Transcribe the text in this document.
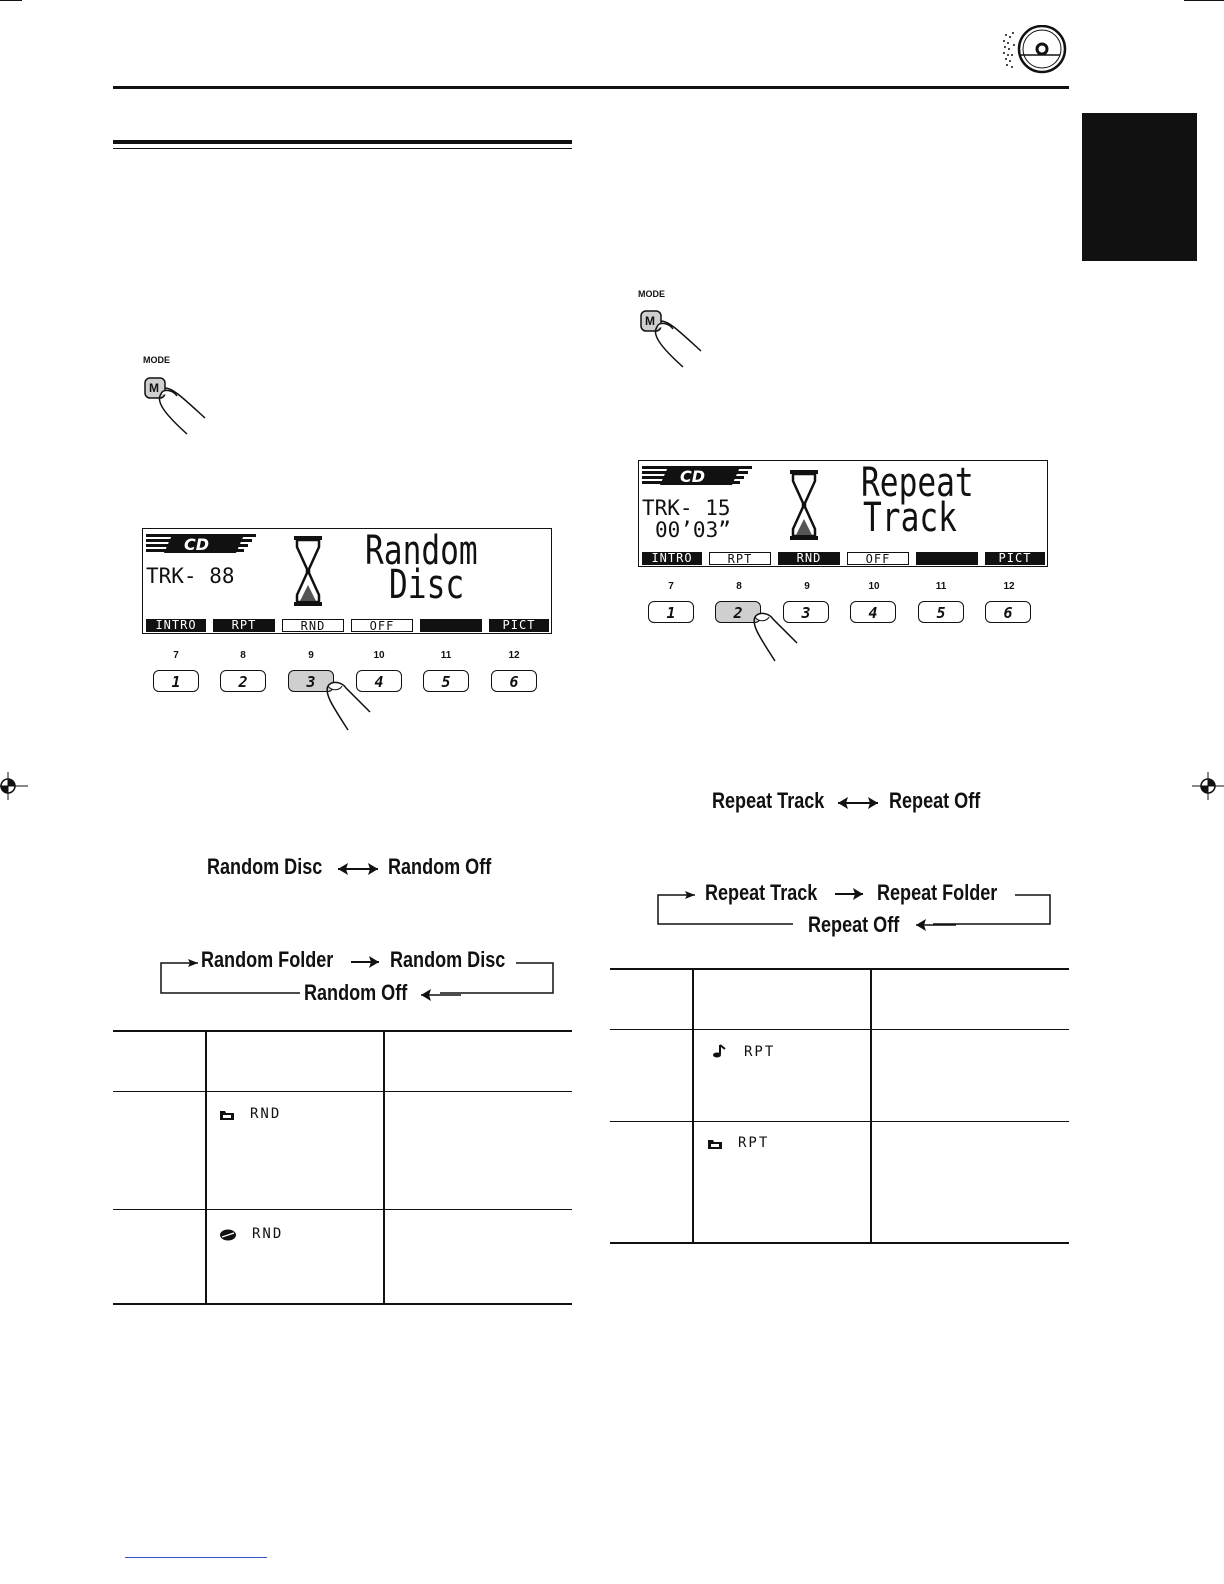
MODE
M
CD
TRK- 88
Random
Disc
INTRO	RPT	RND	OFF	PICT
7	8	9	10	11	12
1	2	3	4	5	6
Random Disc	Random Off
Random Folder	Random Disc
Random Off
RND
RND
MODE
M
CD
TRK- 15
00’03”
Repeat
Track
INTRO	RPT	RND	OFF	PICT
7	8	9	10	11	12
1	2	3	4	5	6
Repeat Track	Repeat Off
Repeat Track	Repeat Folder
Repeat Off
RPT
RPT
